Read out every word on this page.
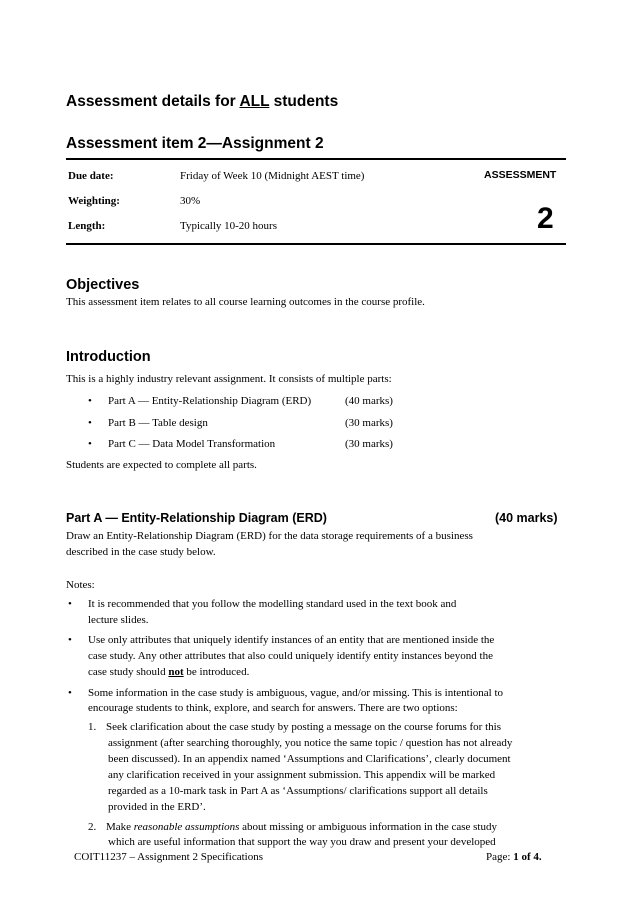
Assessment details for ALL students
Assessment item 2—Assignment 2
Due date:	Friday of Week 10 (Midnight AEST time)	ASSESSMENT
Weighting:	30%
Length:	Typically 10-20 hours	2
Objectives
This assessment item relates to all course learning outcomes in the course profile.
Introduction
This is a highly industry relevant assignment. It consists of multiple parts:
• Part A — Entity-Relationship Diagram (ERD)	(40 marks)
• Part B — Table design	(30 marks)
• Part C — Data Model Transformation	(30 marks)
Students are expected to complete all parts.
Part A — Entity-Relationship Diagram (ERD)	(40 marks)
Draw an Entity-Relationship Diagram (ERD) for the data storage requirements of a business
described in the case study below.
Notes:
• It is recommended that you follow the modelling standard used in the text book and
lecture slides.
• Use only attributes that uniquely identify instances of an entity that are mentioned inside the
case study. Any other attributes that also could uniquely identify entity instances beyond the
case study should not be introduced.
• Some information in the case study is ambiguous, vague, and/or missing. This is intentional to
encourage students to think, explore, and search for answers. There are two options:
1. Seek clarification about the case study by posting a message on the course forums for this
assignment (after searching thoroughly, you notice the same topic / question has not already
been discussed). In an appendix named ‘Assumptions and Clarifications’, clearly document
any clarification received in your assignment submission. This appendix will be marked
regarded as a 10-mark task in Part A as ‘Assumptions/ clarifications support all details
provided in the ERD’.
2. Make reasonable assumptions about missing or ambiguous information in the case study
which are useful information that support the way you draw and present your developed
COIT11237 – Assignment 2 Specifications	Page: 1 of 4.
